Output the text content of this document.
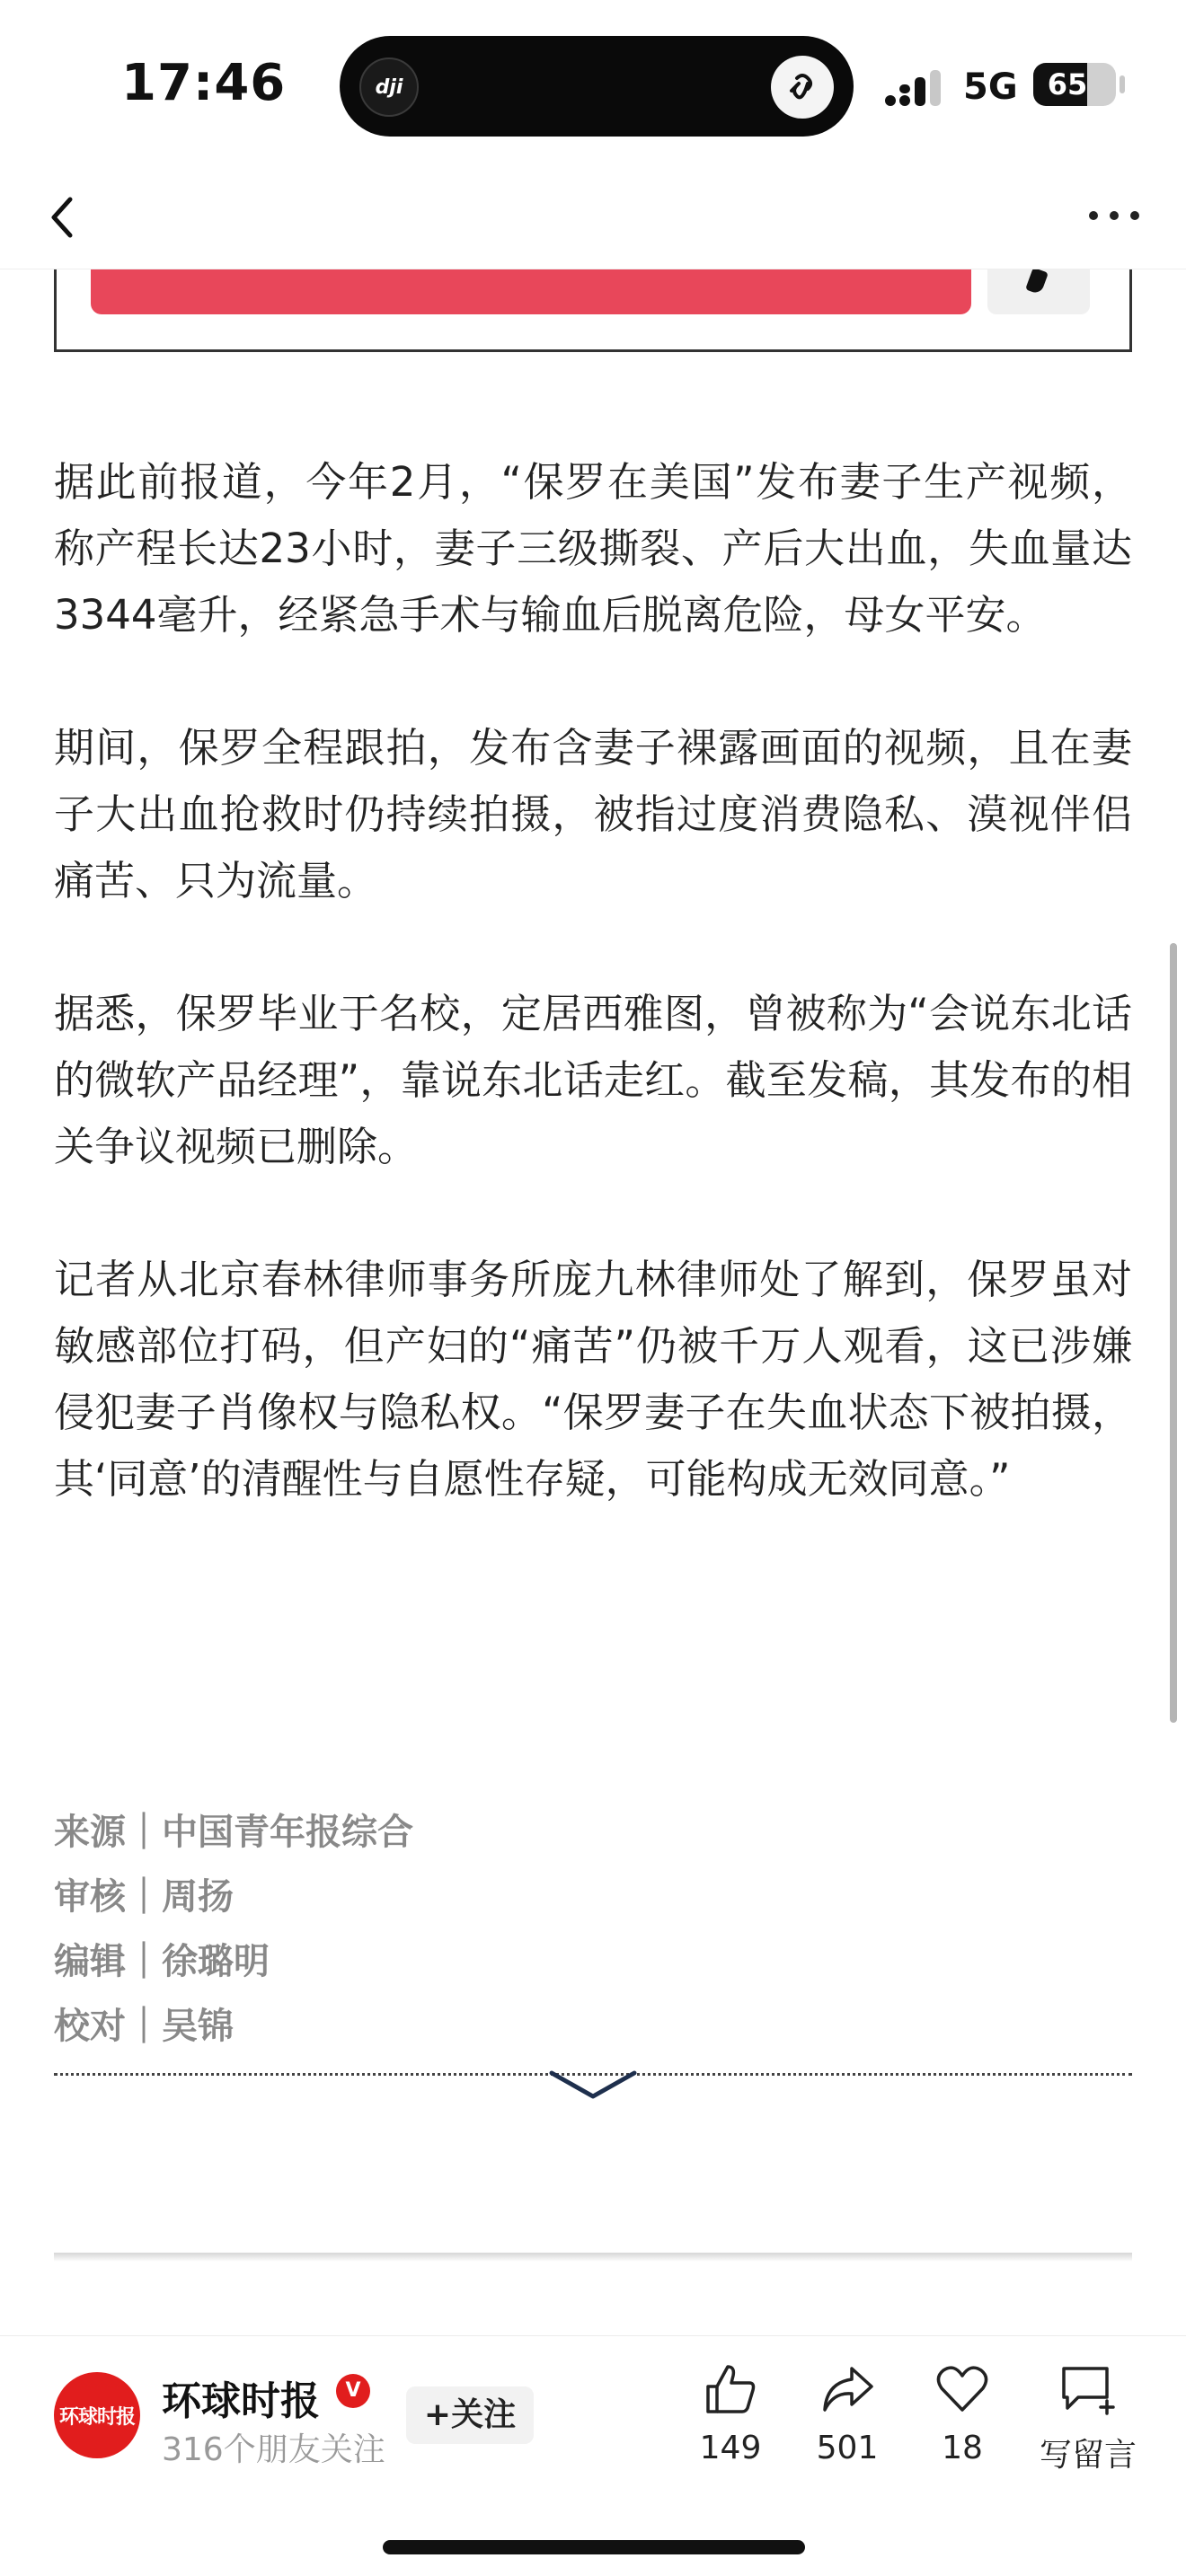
17:46	dji	5G	65

据此前报道，今年2月，“保罗在美国”发布妻子生产视频，称产程长达23小时，妻子三级撕裂、产后大出血，失血量达3344毫升，经紧急手术与输血后脱离危险，母女平安。

期间，保罗全程跟拍，发布含妻子裸露画面的视频，且在妻子大出血抢救时仍持续拍摄，被指过度消费隐私、漠视伴侣痛苦、只为流量。

据悉，保罗毕业于名校，定居西雅图，曾被称为“会说东北话的微软产品经理”，靠说东北话走红。截至发稿，其发布的相关争议视频已删除。

记者从北京春林律师事务所庞九林律师处了解到，保罗虽对敏感部位打码，但产妇的“痛苦”仍被千万人观看，这已涉嫌侵犯妻子肖像权与隐私权。“保罗妻子在失血状态下被拍摄，其‘同意’的清醒性与自愿性存疑，可能构成无效同意。”

来源｜中国青年报综合
审核｜周扬
编辑｜徐璐明
校对｜吴锦
环球时报 环球时报	V
316个朋友关注
+关注
149	501	18	写留言
